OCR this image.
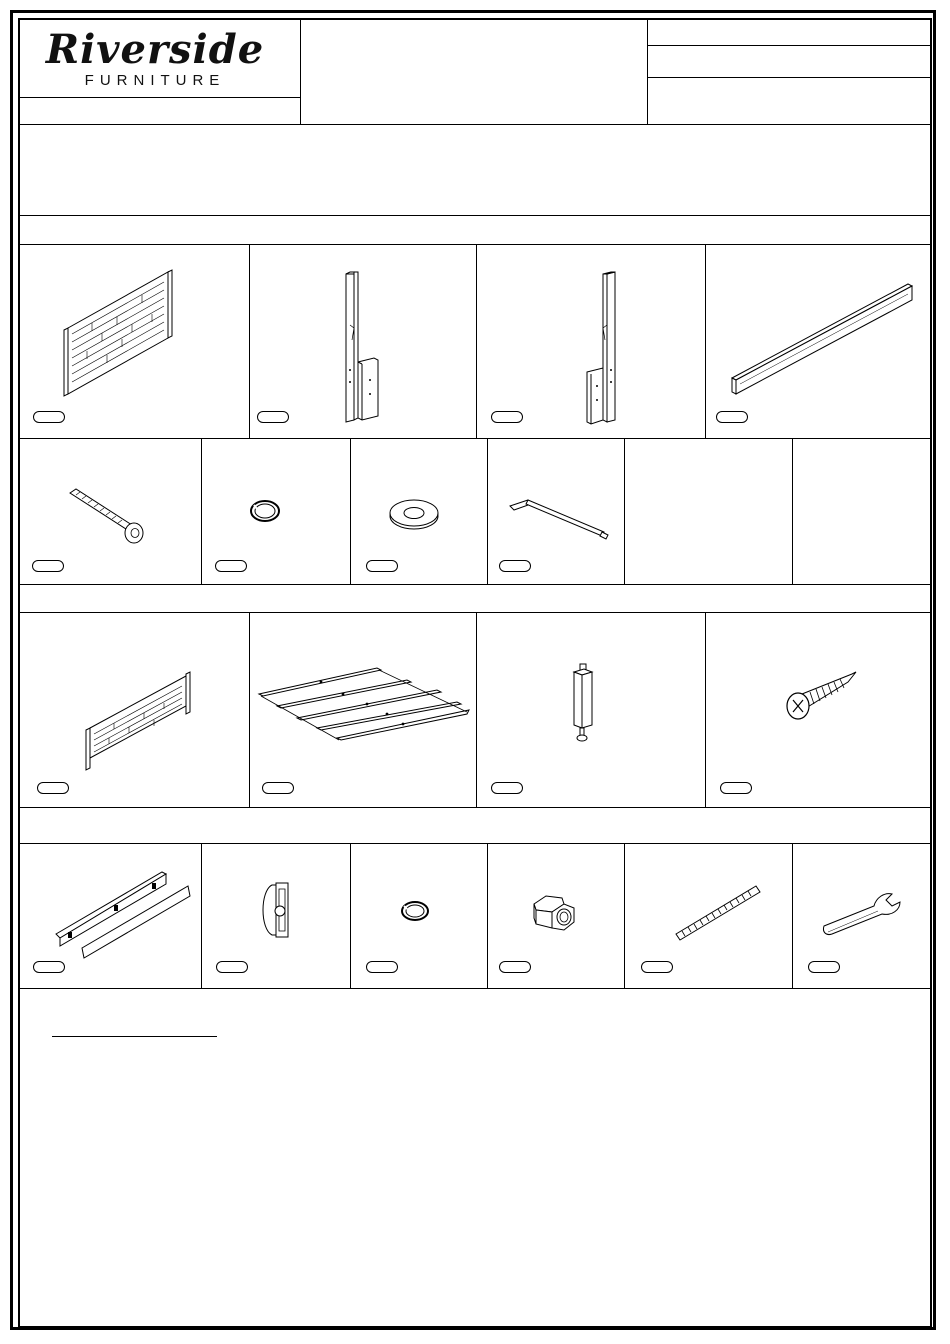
Riverside
FURNITURE
